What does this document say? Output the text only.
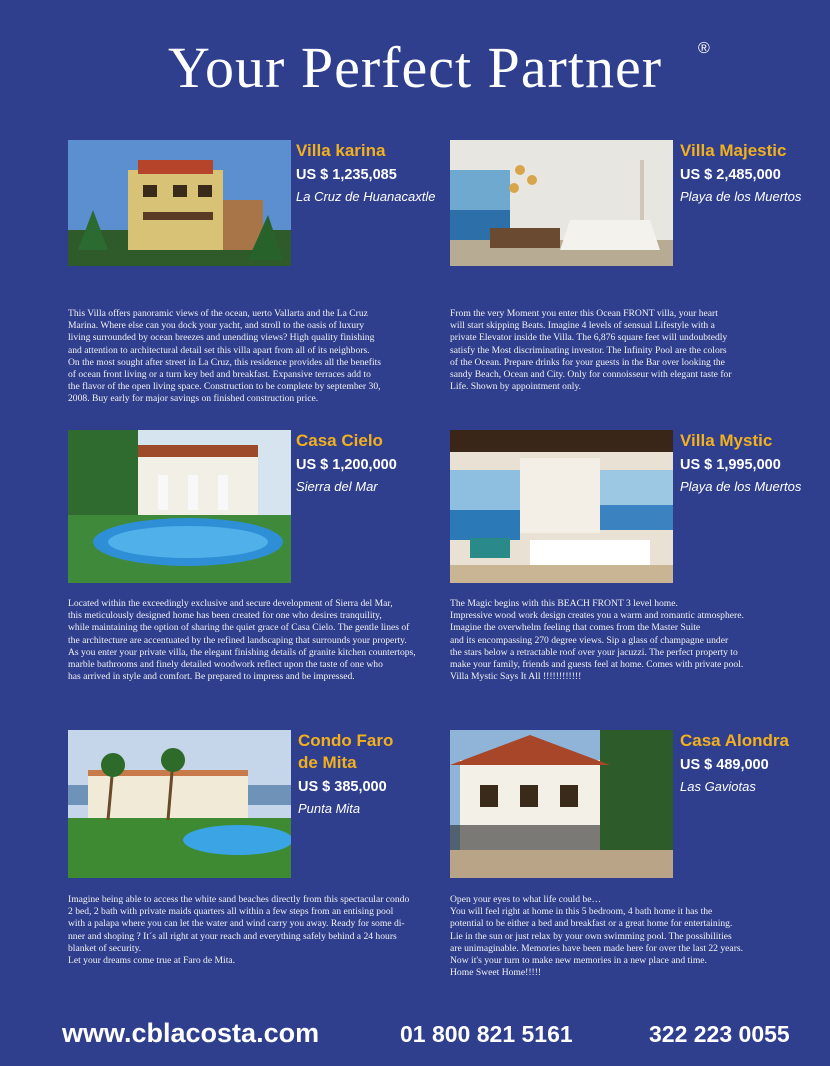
Your Perfect Partner	®
Villa karina
US $ 1,235,085
La Cruz de Huanacaxtle
This Villa offers panoramic views of the ocean, uerto Vallarta and the La Cruz
Marina. Where else can you dock your yacht, and stroll to the oasis of luxury
living surrounded by ocean breezes and unending views? High quality finishing
and attention to architectural detail set this villa apart from all of its neighbors.
On the most sought after street in La Cruz, this residence provides all the benefits
of ocean front living or a turn key bed and breakfast. Expansive terraces add to
the flavor of the open living space. Construction to be complete by september 30,
2008. Buy early for major savings on finished construction price.
Villa Majestic
US $ 2,485,000
Playa de los Muertos
From the very Moment you enter this Ocean FRONT villa, your heart
will start skipping Beats. Imagine 4 levels of sensual Lifestyle with a
private Elevator inside the Villa. The 6,876 square feet will undoubtedly
satisfy the Most discriminating investor. The Infinity Pool are the colors
of the Ocean. Prepare drinks for your guests in the Bar over looking the
sandy Beach, Ocean and City. Only for connoisseur with elegant taste for
Life. Shown by appointment only.
Casa Cielo
US $ 1,200,000
Sierra del Mar
Located within the exceedingly exclusive and secure development of Sierra del Mar,
this meticulously designed home has been created for one who desires tranquility,
while maintaining the option of sharing the quiet grace of Casa Cielo. The gentle lines of
the architecture are accentuated by the refined landscaping that surrounds your property.
As you enter your private villa, the elegant finishing details of granite kitchen countertops,
marble bathrooms and finely detailed woodwork reflect upon the taste of one who
has arrived in style and comfort. Be prepared to impress and be impressed.
Villa Mystic
US $ 1,995,000
Playa de los Muertos
The Magic begins with this BEACH FRONT 3 level home.
Impressive wood work design creates you a warm and romantic atmosphere.
Imagine the overwhelm feeling that comes from the Master Suite
and its encompassing 270 degree views. Sip a glass of champagne under
the stars below a retractable roof over your jacuzzi. The perfect property to
make your family, friends and guests feel at home. Comes with private pool.
Villa Mystic Says It All !!!!!!!!!!!!
Condo Faro
de Mita
US $ 385,000
Punta Mita
Imagine being able to access the white sand beaches directly from this spectacular condo
2 bed, 2 bath with private maids quarters all within a few steps from an entising pool
with a palapa where you can let the water and wind carry you away. Ready for some di-
nner and shoping ? It´s all right at your reach and everything safely behind a 24 hours
blanket of security.
Let your dreams come true at Faro de Mita.
Casa Alondra
US $ 489,000
Las Gaviotas
Open your eyes to what life could be…
You will feel right at home in this 5 bedroom, 4 bath home it has the
potential to be either a bed and breakfast or a great home for entertaining.
Lie in the sun or just relax by your own swimming pool. The possibilities
are unimaginable. Memories have been made here for over the last 22 years.
Now it's your turn to make new memories in a new place and time.
Home Sweet Home!!!!!
www.cblacosta.com	01 800 821 5161	322 223 0055
